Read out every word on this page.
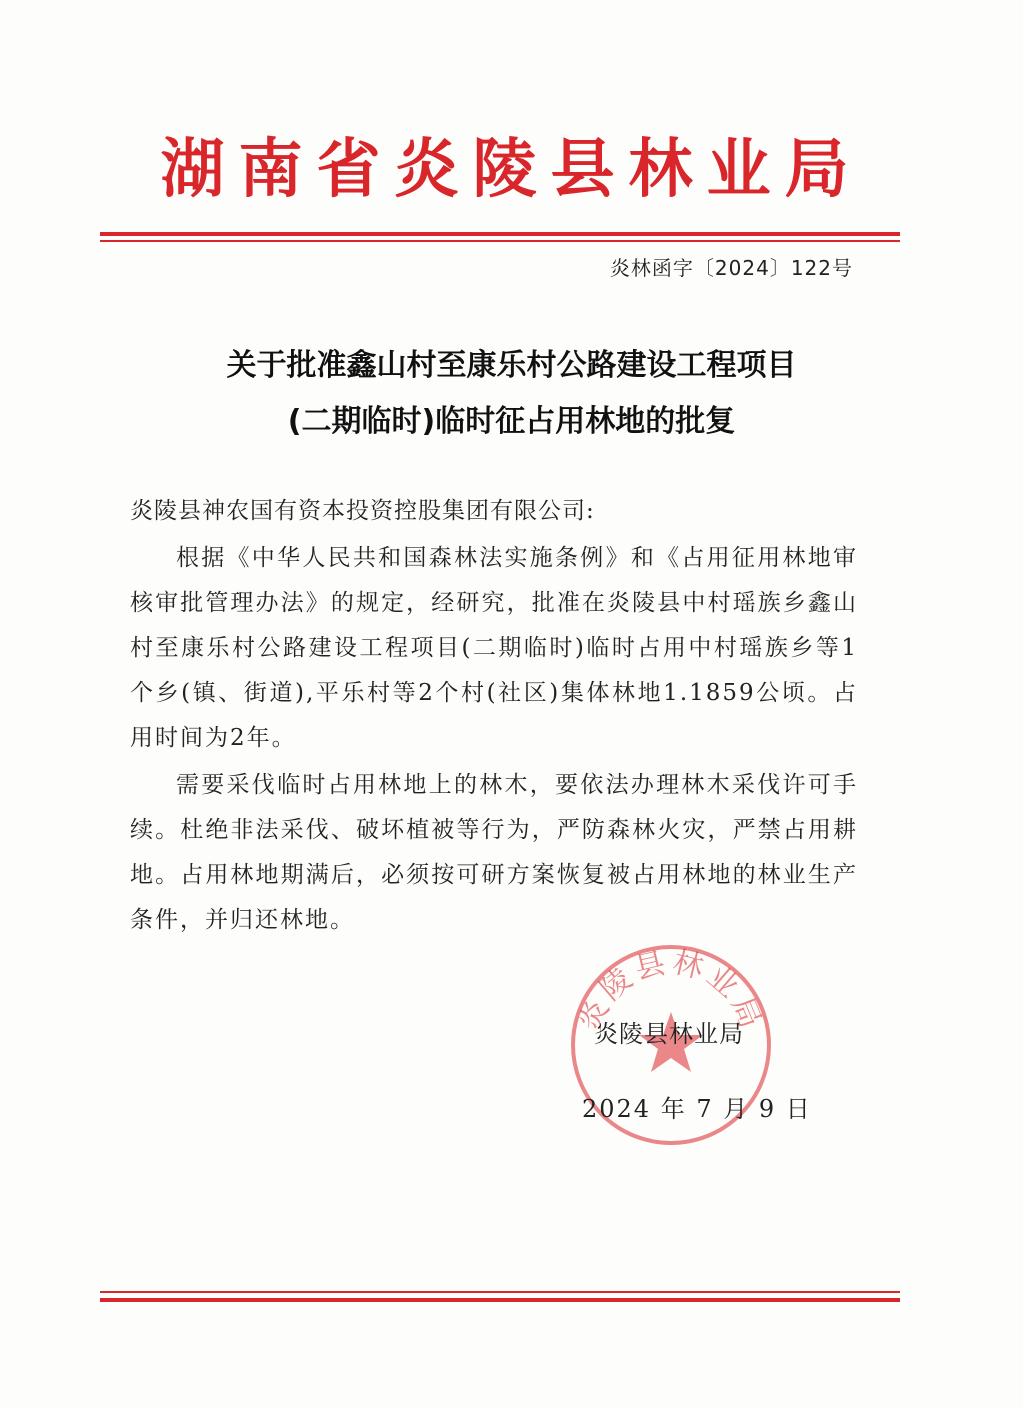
湖南省炎陵县林业局
炎林函字〔2024〕122号
关于批准鑫山村至康乐村公路建设工程项目
(二期临时)临时征占用林地的批复
炎陵县神农国有资本投资控股集团有限公司:
根据《中华人民共和国森林法实施条例》和《占用征用林地审核审批管理办法》的规定，经研究，批准在炎陵县中村瑶族乡鑫山村至康乐村公路建设工程项目(二期临时)临时占用中村瑶族乡等1个乡(镇、街道),平乐村等2个村(社区)集体林地1.1859公顷。占用时间为2年。
需要采伐临时占用林地上的林木，要依法办理林木采伐许可手续。杜绝非法采伐、破坏植被等行为，严防森林火灾，严禁占用耕地。占用林地期满后，必须按可研方案恢复被占用林地的林业生产条件，并归还林地。
炎陵县林业局
炎陵县林业局
2024 年 7 月 9 日
